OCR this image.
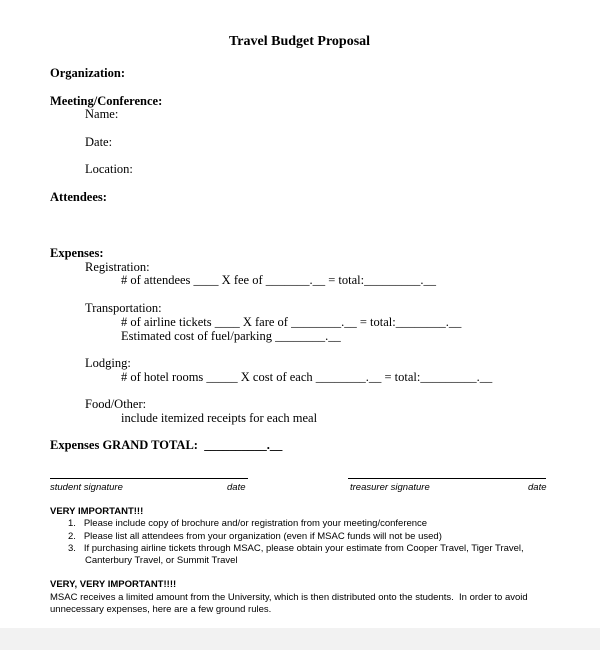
Travel Budget Proposal
Organization:
Meeting/Conference:
Name:
Date:
Location:
Attendees:
Expenses:
Registration:
# of attendees ____ X fee of _______.__ = total:_________.__
Transportation:
# of airline tickets ____ X fare of ________.__ = total:________.__
Estimated cost of fuel/parking ________.__
Lodging:
# of hotel rooms _____ X cost of each ________.__ = total:_________.__
Food/Other:
include itemized receipts for each meal
Expenses GRAND TOTAL:  __________.__
student signature	date	treasurer signature	date
VERY IMPORTANT!!!
1.   Please include copy of brochure and/or registration from your meeting/conference
2.   Please list all attendees from your organization (even if MSAC funds will not be used)
3.   If purchasing airline tickets through MSAC, please obtain your estimate from Cooper Travel, Tiger Travel,
Canterbury Travel, or Summit Travel
VERY, VERY IMPORTANT!!!!
MSAC receives a limited amount from the University, which is then distributed onto the students.  In order to avoid
unnecessary expenses, here are a few ground rules.
